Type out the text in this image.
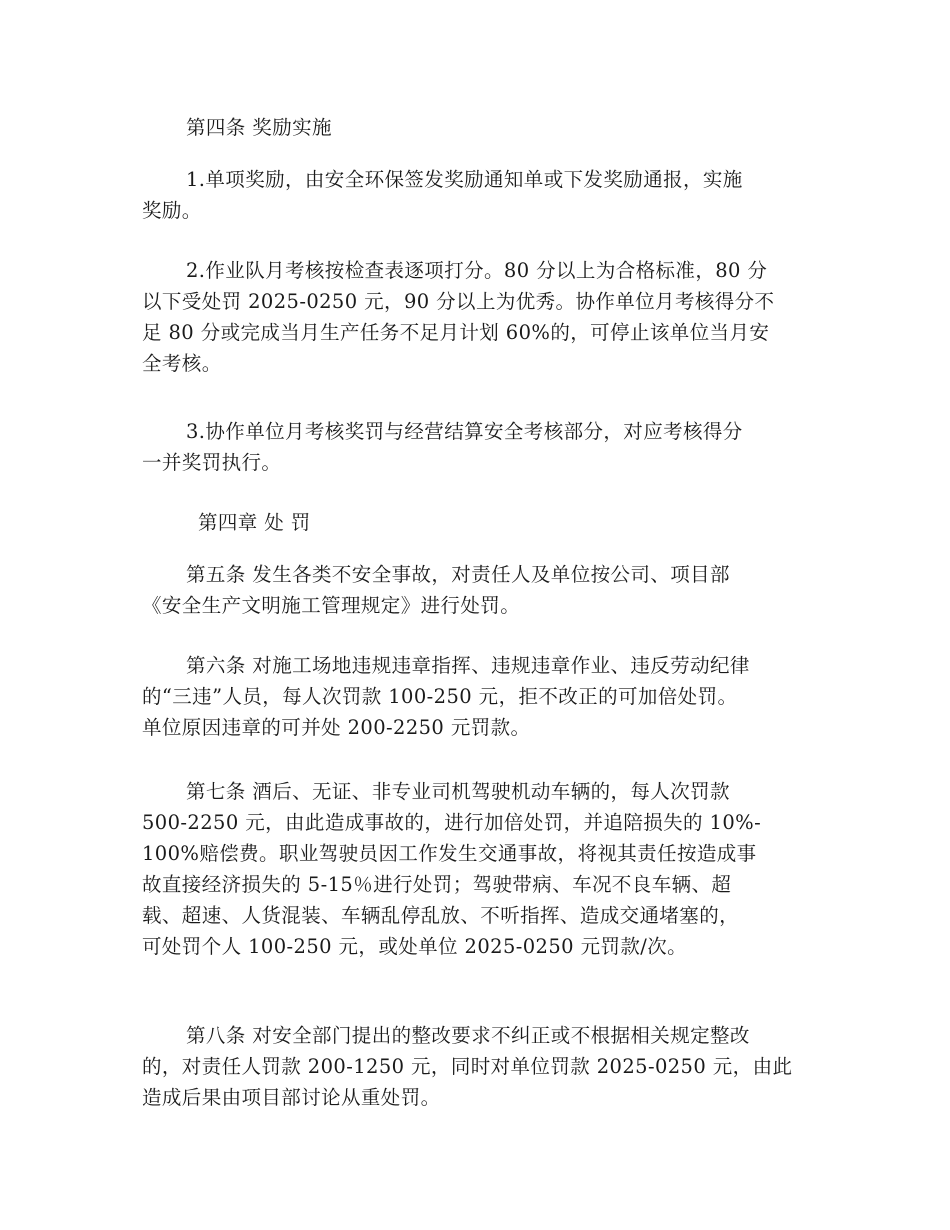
第四条 奖励实施

1.单项奖励，由安全环保签发奖励通知单或下发奖励通报，实施
奖励。

2.作业队月考核按检查表逐项打分。80 分以上为合格标准，80 分
以下受处罚 2025-0250 元，90 分以上为优秀。协作单位月考核得分不
足 80 分或完成当月生产任务不足月计划 60%的，可停止该单位当月安
全考核。

3.协作单位月考核奖罚与经营结算安全考核部分，对应考核得分
一并奖罚执行。

第四章 处 罚

第五条 发生各类不安全事故，对责任人及单位按公司、项目部
《安全生产文明施工管理规定》进行处罚。

第六条 对施工场地违规违章指挥、违规违章作业、违反劳动纪律
的“三违”人员，每人次罚款 100-250 元，拒不改正的可加倍处罚。
单位原因违章的可并处 200-2250 元罚款。

第七条 酒后、无证、非专业司机驾驶机动车辆的，每人次罚款
500-2250 元，由此造成事故的，进行加倍处罚，并追陪损失的 10%-
100%赔偿费。职业驾驶员因工作发生交通事故，将视其责任按造成事
故直接经济损失的 5-15％进行处罚；驾驶带病、车况不良车辆、超
载、超速、人货混装、车辆乱停乱放、不听指挥、造成交通堵塞的，
可处罚个人 100-250 元，或处单位 2025-0250 元罚款/次。

第八条 对安全部门提出的整改要求不纠正或不根据相关规定整改
的，对责任人罚款 200-1250 元，同时对单位罚款 2025-0250 元，由此
造成后果由项目部讨论从重处罚。
